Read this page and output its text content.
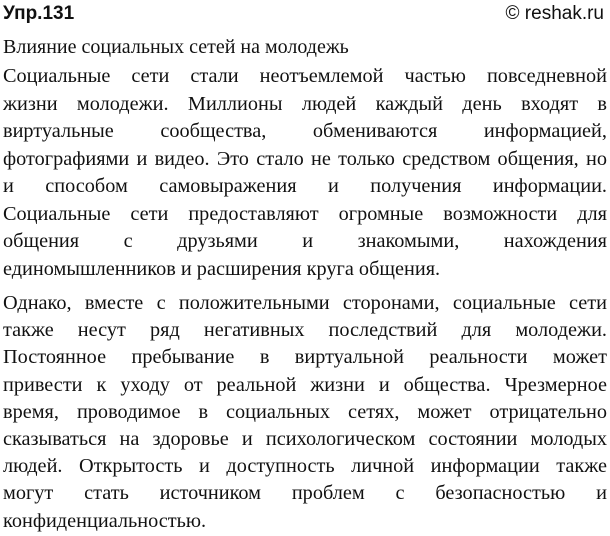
Упр.131	© reshak.ru
Влияние социальных сетей на молодежь
Социальные сети стали неотъемлемой частью повседневной
жизни молодежи. Миллионы людей каждый день входят в
виртуальные сообщества, обмениваются информацией,
фотографиями и видео. Это стало не только средством общения, но
и способом самовыражения и получения информации.
Социальные сети предоставляют огромные возможности для
общения с друзьями и знакомыми, нахождения
единомышленников и расширения круга общения.
Однако, вместе с положительными сторонами, социальные сети
также несут ряд негативных последствий для молодежи.
Постоянное пребывание в виртуальной реальности может
привести к уходу от реальной жизни и общества. Чрезмерное
время, проводимое в социальных сетях, может отрицательно
сказываться на здоровье и психологическом состоянии молодых
людей. Открытость и доступность личной информации также
могут стать источником проблем с безопасностью и
конфиденциальностью.
